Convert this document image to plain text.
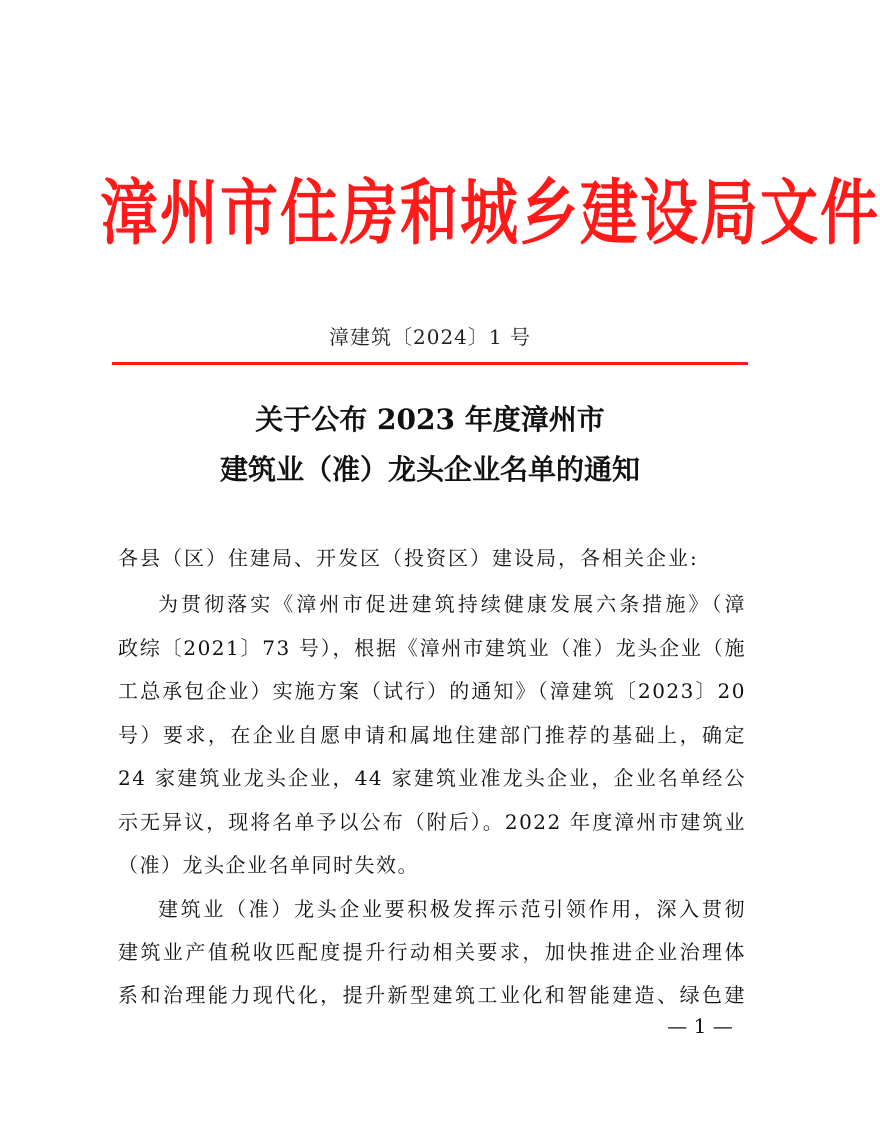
漳州市住房和城乡建设局文件
漳建筑〔2024〕1 号
关于公布 2023 年度漳州市
建筑业（准）龙头企业名单的通知
各县（区）住建局、开发区（投资区）建设局，各相关企业:
为贯彻落实《漳州市促进建筑持续健康发展六条措施》（漳
政综〔2021〕73 号），根据《漳州市建筑业（准）龙头企业（施
工总承包企业）实施方案（试行）的通知》（漳建筑〔2023〕20
号）要求，在企业自愿申请和属地住建部门推荐的基础上，确定
24 家建筑业龙头企业，44 家建筑业准龙头企业，企业名单经公
示无异议，现将名单予以公布（附后）。2022 年度漳州市建筑业
（准）龙头企业名单同时失效。
建筑业（准）龙头企业要积极发挥示范引领作用，深入贯彻
建筑业产值税收匹配度提升行动相关要求，加快推进企业治理体
系和治理能力现代化，提升新型建筑工业化和智能建造、绿色建
— 1 —
